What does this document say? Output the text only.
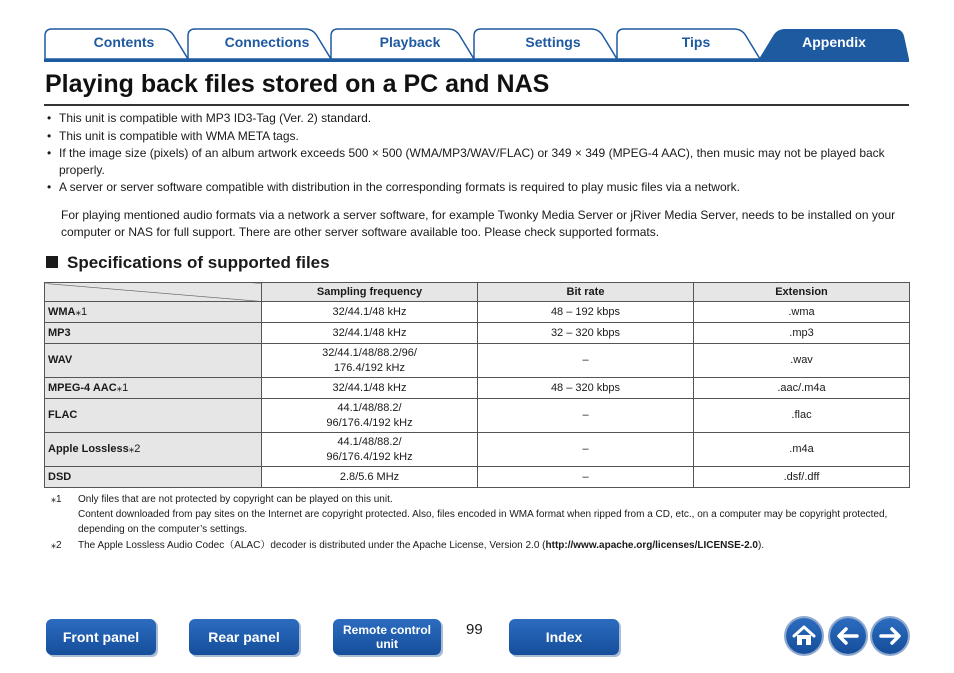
Contents	Connections	Playback	Settings	Tips	Appendix
Playing back files stored on a PC and NAS
• This unit is compatible with MP3 ID3-Tag (Ver. 2) standard.
• This unit is compatible with WMA META tags.
• If the image size (pixels) of an album artwork exceeds 500 × 500 (WMA/MP3/WAV/FLAC) or 349 × 349 (MPEG-4 AAC), then music may not be played back properly.
• A server or server software compatible with distribution in the corresponding formats is required to play music files via a network.

For playing mentioned audio formats via a network a server software, for example Twonky Media Server or jRiver Media Server, needs to be installed on your computer or NAS for full support. There are other server software available too. Please check supported formats.

Specifications of supported files
	Sampling frequency	Bit rate	Extension
WMA⁎1	32/44.1/48 kHz	48 – 192 kbps	.wma
MP3	32/44.1/48 kHz	32 – 320 kbps	.mp3
WAV	32/44.1/48/88.2/96/
176.4/192 kHz	–	.wav
MPEG-4 AAC⁎1	32/44.1/48 kHz	48 – 320 kbps	.aac/.m4a
FLAC	44.1/48/88.2/
96/176.4/192 kHz	–	.flac
Apple Lossless⁎2	44.1/48/88.2/
96/176.4/192 kHz	–	.m4a
DSD	2.8/5.6 MHz	–	.dsf/.dff
⁎1 Only files that are not protected by copyright can be played on this unit.
Content downloaded from pay sites on the Internet are copyright protected. Also, files encoded in WMA format when ripped from a CD, etc., on a computer may be copyright protected, depending on the computer’s settings.
⁎2 The Apple Lossless Audio Codec（ALAC）decoder is distributed under the Apache License, Version 2.0 (http://www.apache.org/licenses/LICENSE-2.0).
Front panel	Rear panel	Remote control
unit
99	Index
